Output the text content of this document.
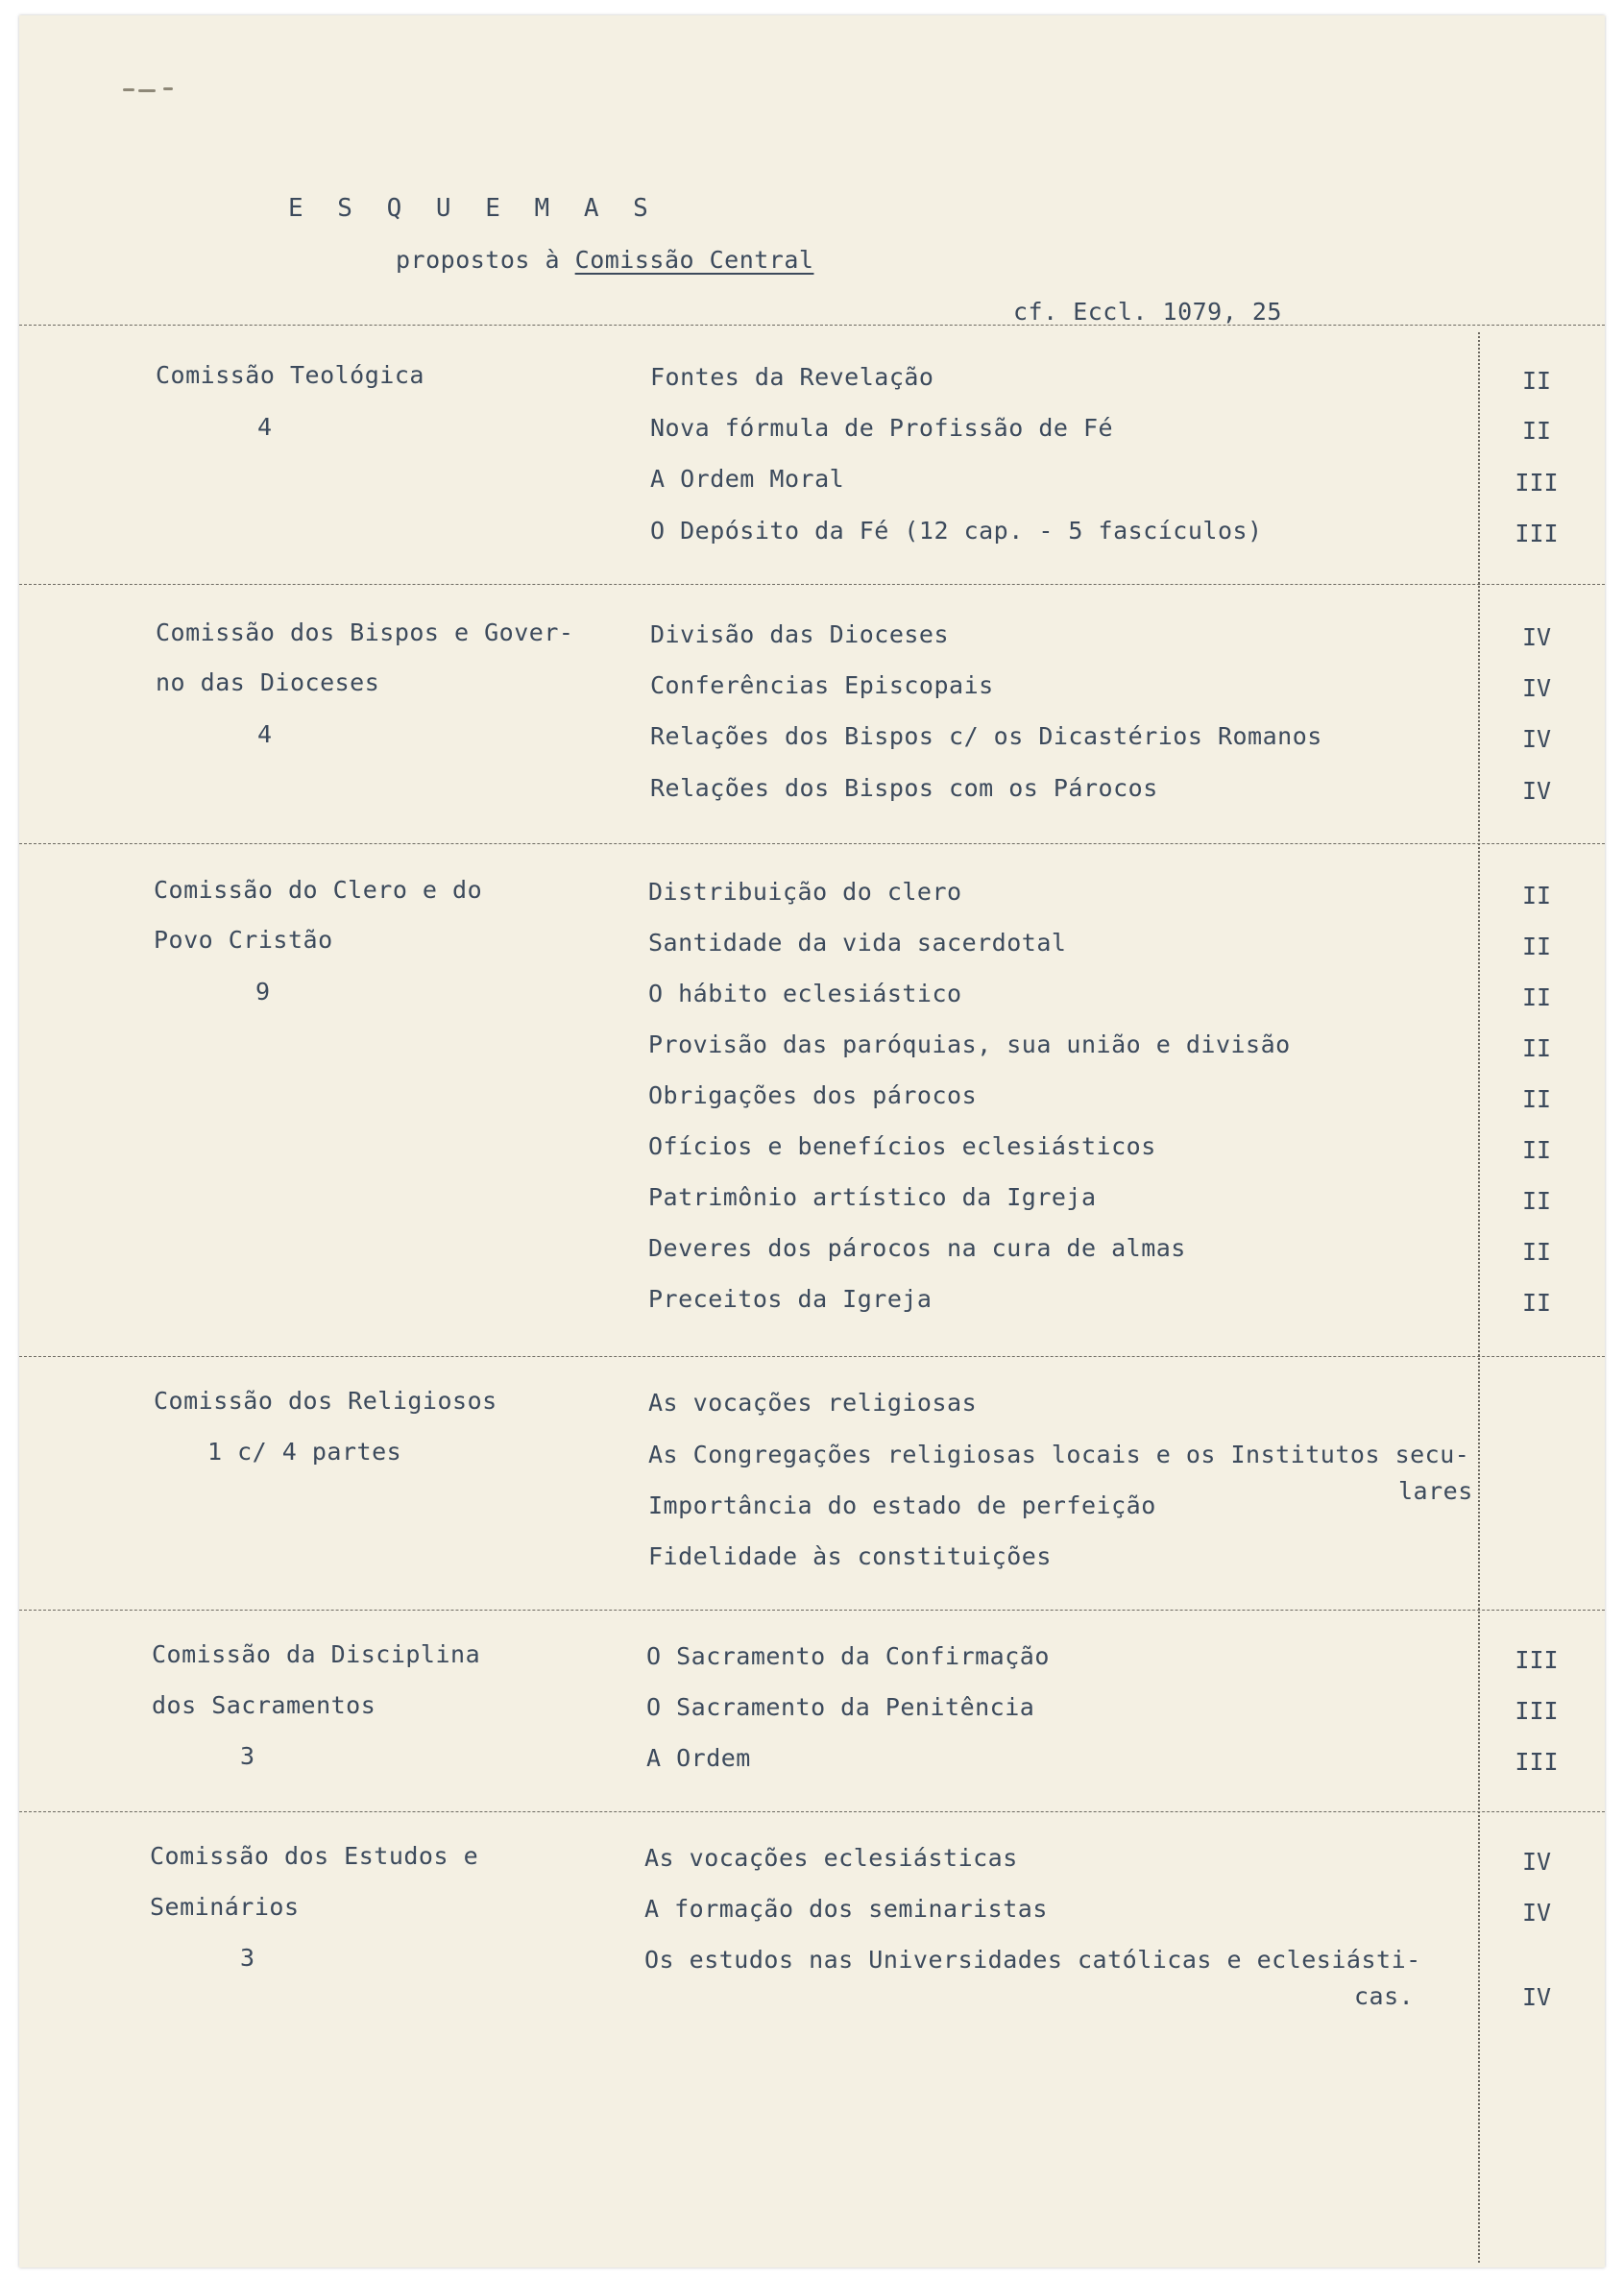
E S Q U E M A S
propostos à Comissão Central
cf. Eccl. 1079, 25
Comissão Teológica
4
Fontes da Revelação	II
Nova fórmula de Profissão de Fé	II
A Ordem Moral	III
O Depósito da Fé (12 cap. - 5 fascículos)	III
Comissão dos Bispos e Gover-
no das Dioceses
4
Divisão das Dioceses	IV
Conferências Episcopais	IV
Relações dos Bispos c/ os Dicastérios Romanos	IV
Relações dos Bispos com os Párocos	IV
Comissão do Clero e do
Povo Cristão
9
Distribuição do clero	II
Santidade da vida sacerdotal	II
O hábito eclesiástico	II
Provisão das paróquias, sua união e divisão	II
Obrigações dos párocos	II
Ofícios e benefícios eclesiásticos	II
Patrimônio artístico da Igreja	II
Deveres dos párocos na cura de almas	II
Preceitos da Igreja	II
Comissão dos Religiosos
1 c/ 4 partes
As vocações religiosas
As Congregações religiosas locais e os Institutos secu-
lares
Importância do estado de perfeição
Fidelidade às constituições
Comissão da Disciplina
dos Sacramentos
3
O Sacramento da Confirmação	III
O Sacramento da Penitência	III
A Ordem	III
Comissão dos Estudos e
Seminários
3
As vocações eclesiásticas	IV
A formação dos seminaristas	IV
Os estudos nas Universidades católicas e eclesiásti-
cas.	IV
